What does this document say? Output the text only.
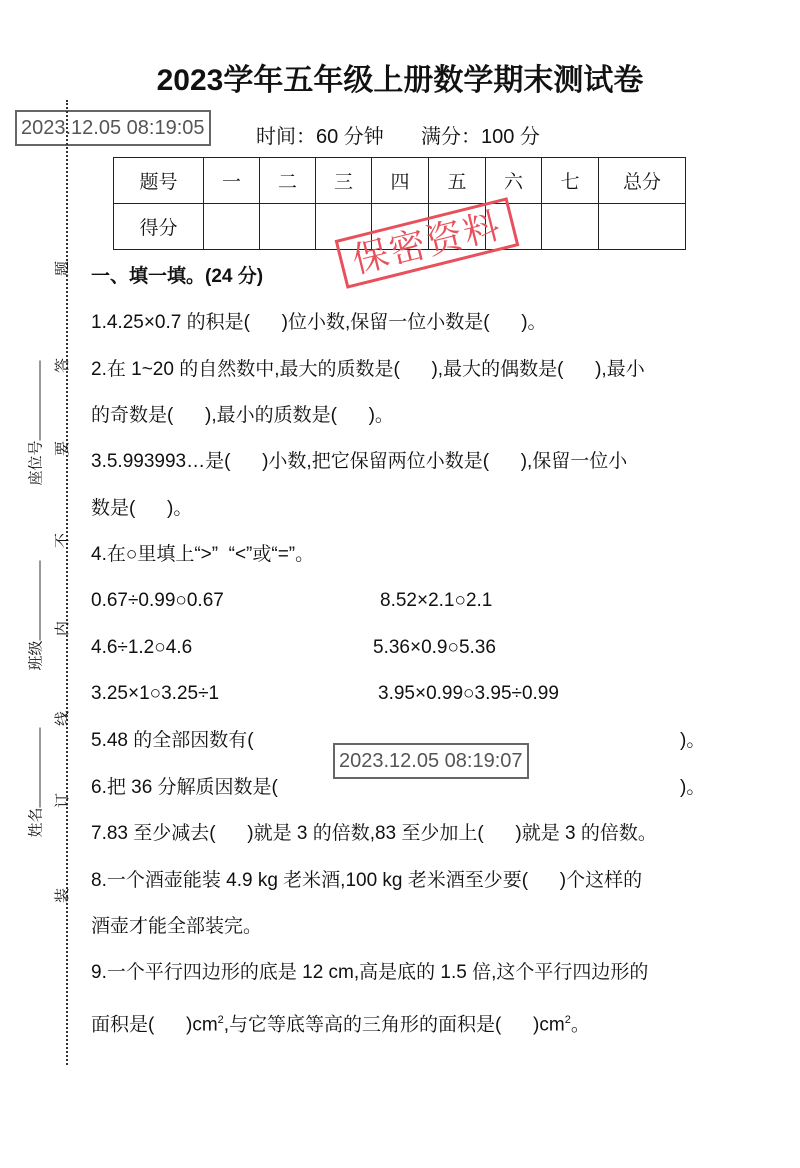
2023学年五年级上册数学期末测试卷
2023.12.05 08:19:05	时间：60 分钟 满分：100 分
题号	一	二	三	四	五	六	七	总分
得分									保密资料
题
答
要
不
内
线
订
装
座位号
班级
姓名
一、填一填。(24 分)
1.4.25×0.7 的积是(      )位小数,保留一位小数是(      )。
2.在 1~20 的自然数中,最大的质数是(      ),最大的偶数是(      ),最小
的奇数是(      ),最小的质数是(      )。
3.5.993993…是(      )小数,把它保留两位小数是(      ),保留一位小
数是(      )。
4.在○里填上“>”  “<”或“=”。
0.67÷0.99○0.67	8.52×2.1○2.1
4.6÷1.2○4.6	5.36×0.9○5.36
3.25×1○3.25÷1	3.95×0.99○3.95÷0.99
5.48 的全部因数有(	)。
2023.12.05 08:19:07
6.把 36 分解质因数是(	)。
7.83 至少减去(      )就是 3 的倍数,83 至少加上(      )就是 3 的倍数。
8.一个酒壶能装 4.9 kg 老米酒,100 kg 老米酒至少要(      )个这样的
酒壶才能全部装完。
9.一个平行四边形的底是 12 cm,高是底的 1.5 倍,这个平行四边形的
面积是(      )$cm^2$,与它等底等高的三角形的面积是(      )$cm^2$。
